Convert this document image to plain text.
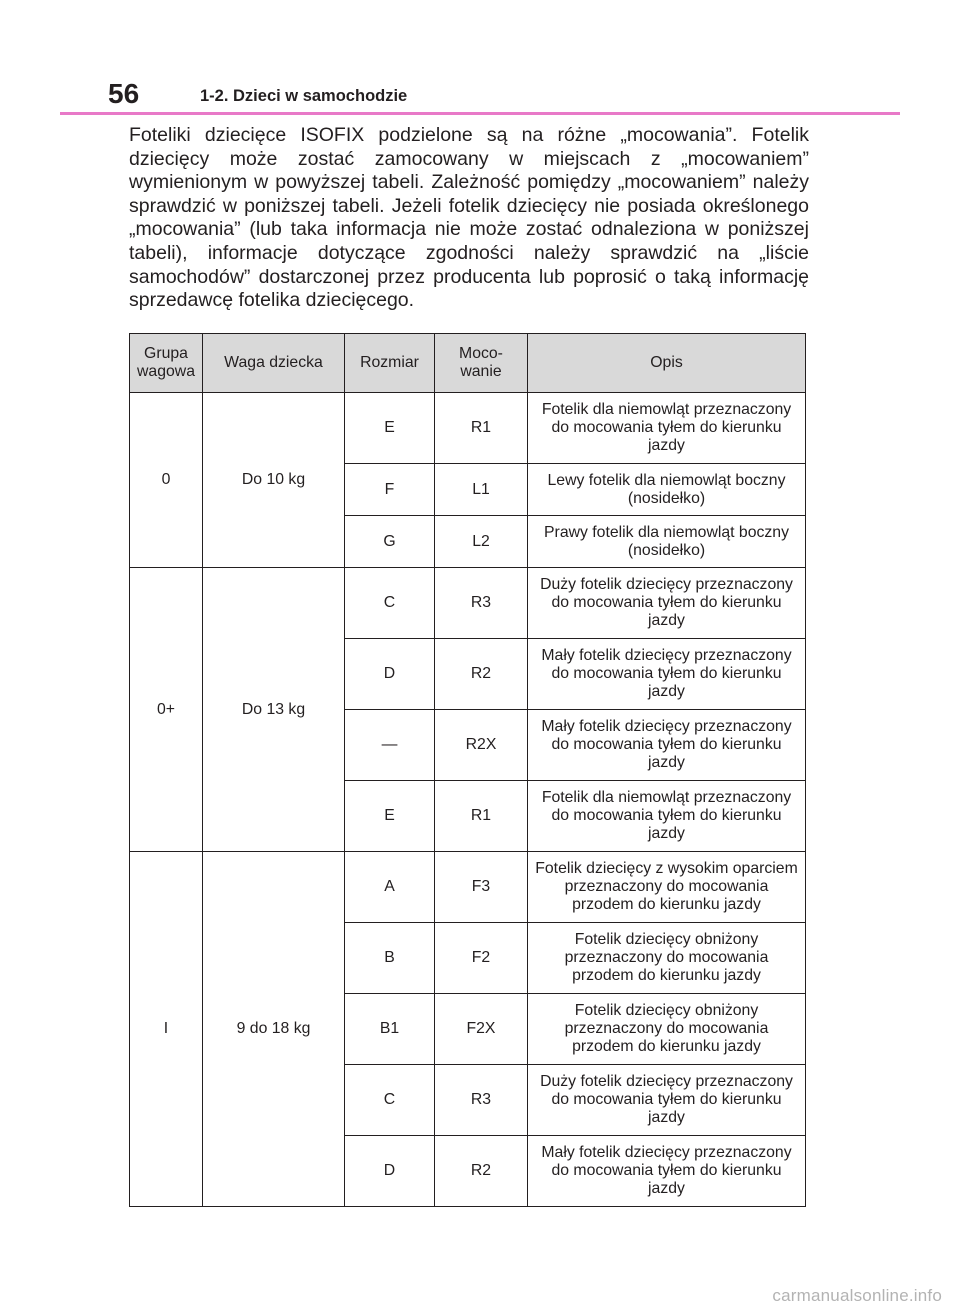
56	1-2. Dzieci w samochodzie

Foteliki dziecięce ISOFIX podzielone są na różne „mocowania”. Fotelik dziecięcy może zostać zamocowany w miejscach z „mocowaniem” wymienionym w powyższej tabeli. Zależność pomiędzy „mocowaniem” należy sprawdzić w poniższej tabeli. Jeżeli fotelik dziecięcy nie posiada określonego „mocowania” (lub taka informacja nie może zostać odnaleziona w poniższej tabeli), informacje dotyczące zgodności należy sprawdzić na „liście samochodów” dostarczonej przez producenta lub poprosić o taką informację sprzedawcę fotelika dziecięcego.

Grupa wagowa	Waga dziecka	Rozmiar	Moco- wanie	Opis
0	Do 10 kg	E	R1	Fotelik dla niemowląt przeznaczony do mocowania tyłem do kierunku jazdy
		F	L1	Lewy fotelik dla niemowląt boczny (nosidełko)
		G	L2	Prawy fotelik dla niemowląt boczny (nosidełko)
0+	Do 13 kg	C	R3	Duży fotelik dziecięcy przeznaczony do mocowania tyłem do kierunku jazdy
		D	R2	Mały fotelik dziecięcy przeznaczony do mocowania tyłem do kierunku jazdy
		—	R2X	Mały fotelik dziecięcy przeznaczony do mocowania tyłem do kierunku jazdy
		E	R1	Fotelik dla niemowląt przeznaczony do mocowania tyłem do kierunku jazdy
I	9 do 18 kg	A	F3	Fotelik dziecięcy z wysokim oparciem przeznaczony do mocowania przodem do kierunku jazdy
		B	F2	Fotelik dziecięcy obniżony przeznaczony do mocowania przodem do kierunku jazdy
		B1	F2X	Fotelik dziecięcy obniżony przeznaczony do mocowania przodem do kierunku jazdy
		C	R3	Duży fotelik dziecięcy przeznaczony do mocowania tyłem do kierunku jazdy
		D	R2	Mały fotelik dziecięcy przeznaczony do mocowania tyłem do kierunku jazdy
carmanualsonline.info
